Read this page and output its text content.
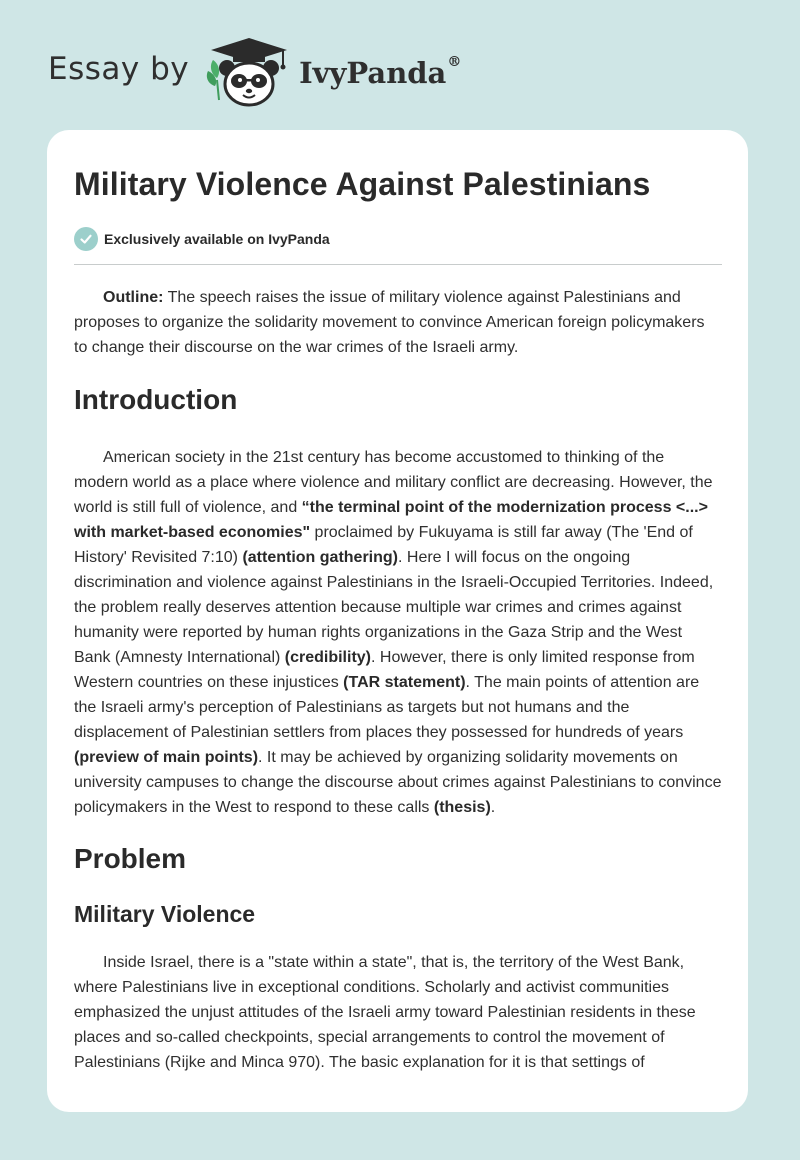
Essay by	IvyPanda®
Military Violence Against Palestinians
Exclusively available on IvyPanda

Outline: The speech raises the issue of military violence against Palestinians and proposes to organize the solidarity movement to convince American foreign policymakers to change their discourse on the war crimes of the Israeli army.

Introduction

American society in the 21st century has become accustomed to thinking of the modern world as a place where violence and military conflict are decreasing. However, the world is still full of violence, and “the terminal point of the modernization process <...> with market-based economies" proclaimed by Fukuyama is still far away (The 'End of History' Revisited 7:10) (attention gathering). Here I will focus on the ongoing discrimination and violence against Palestinians in the Israeli-Occupied Territories. Indeed, the problem really deserves attention because multiple war crimes and crimes against humanity were reported by human rights organizations in the Gaza Strip and the West Bank (Amnesty International) (credibility). However, there is only limited response from Western countries on these injustices (TAR statement). The main points of attention are the Israeli army's perception of Palestinians as targets but not humans and the displacement of Palestinian settlers from places they possessed for hundreds of years (preview of main points). It may be achieved by organizing solidarity movements on university campuses to change the discourse about crimes against Palestinians to convince policymakers in the West to respond to these calls (thesis).

Problem
Military Violence

Inside Israel, there is a "state within a state", that is, the territory of the West Bank, where Palestinians live in exceptional conditions. Scholarly and activist communities emphasized the unjust attitudes of the Israeli army toward Palestinian residents in these places and so-called checkpoints, special arrangements to control the movement of Palestinians (Rijke and Minca 970). The basic explanation for it is that settings of
